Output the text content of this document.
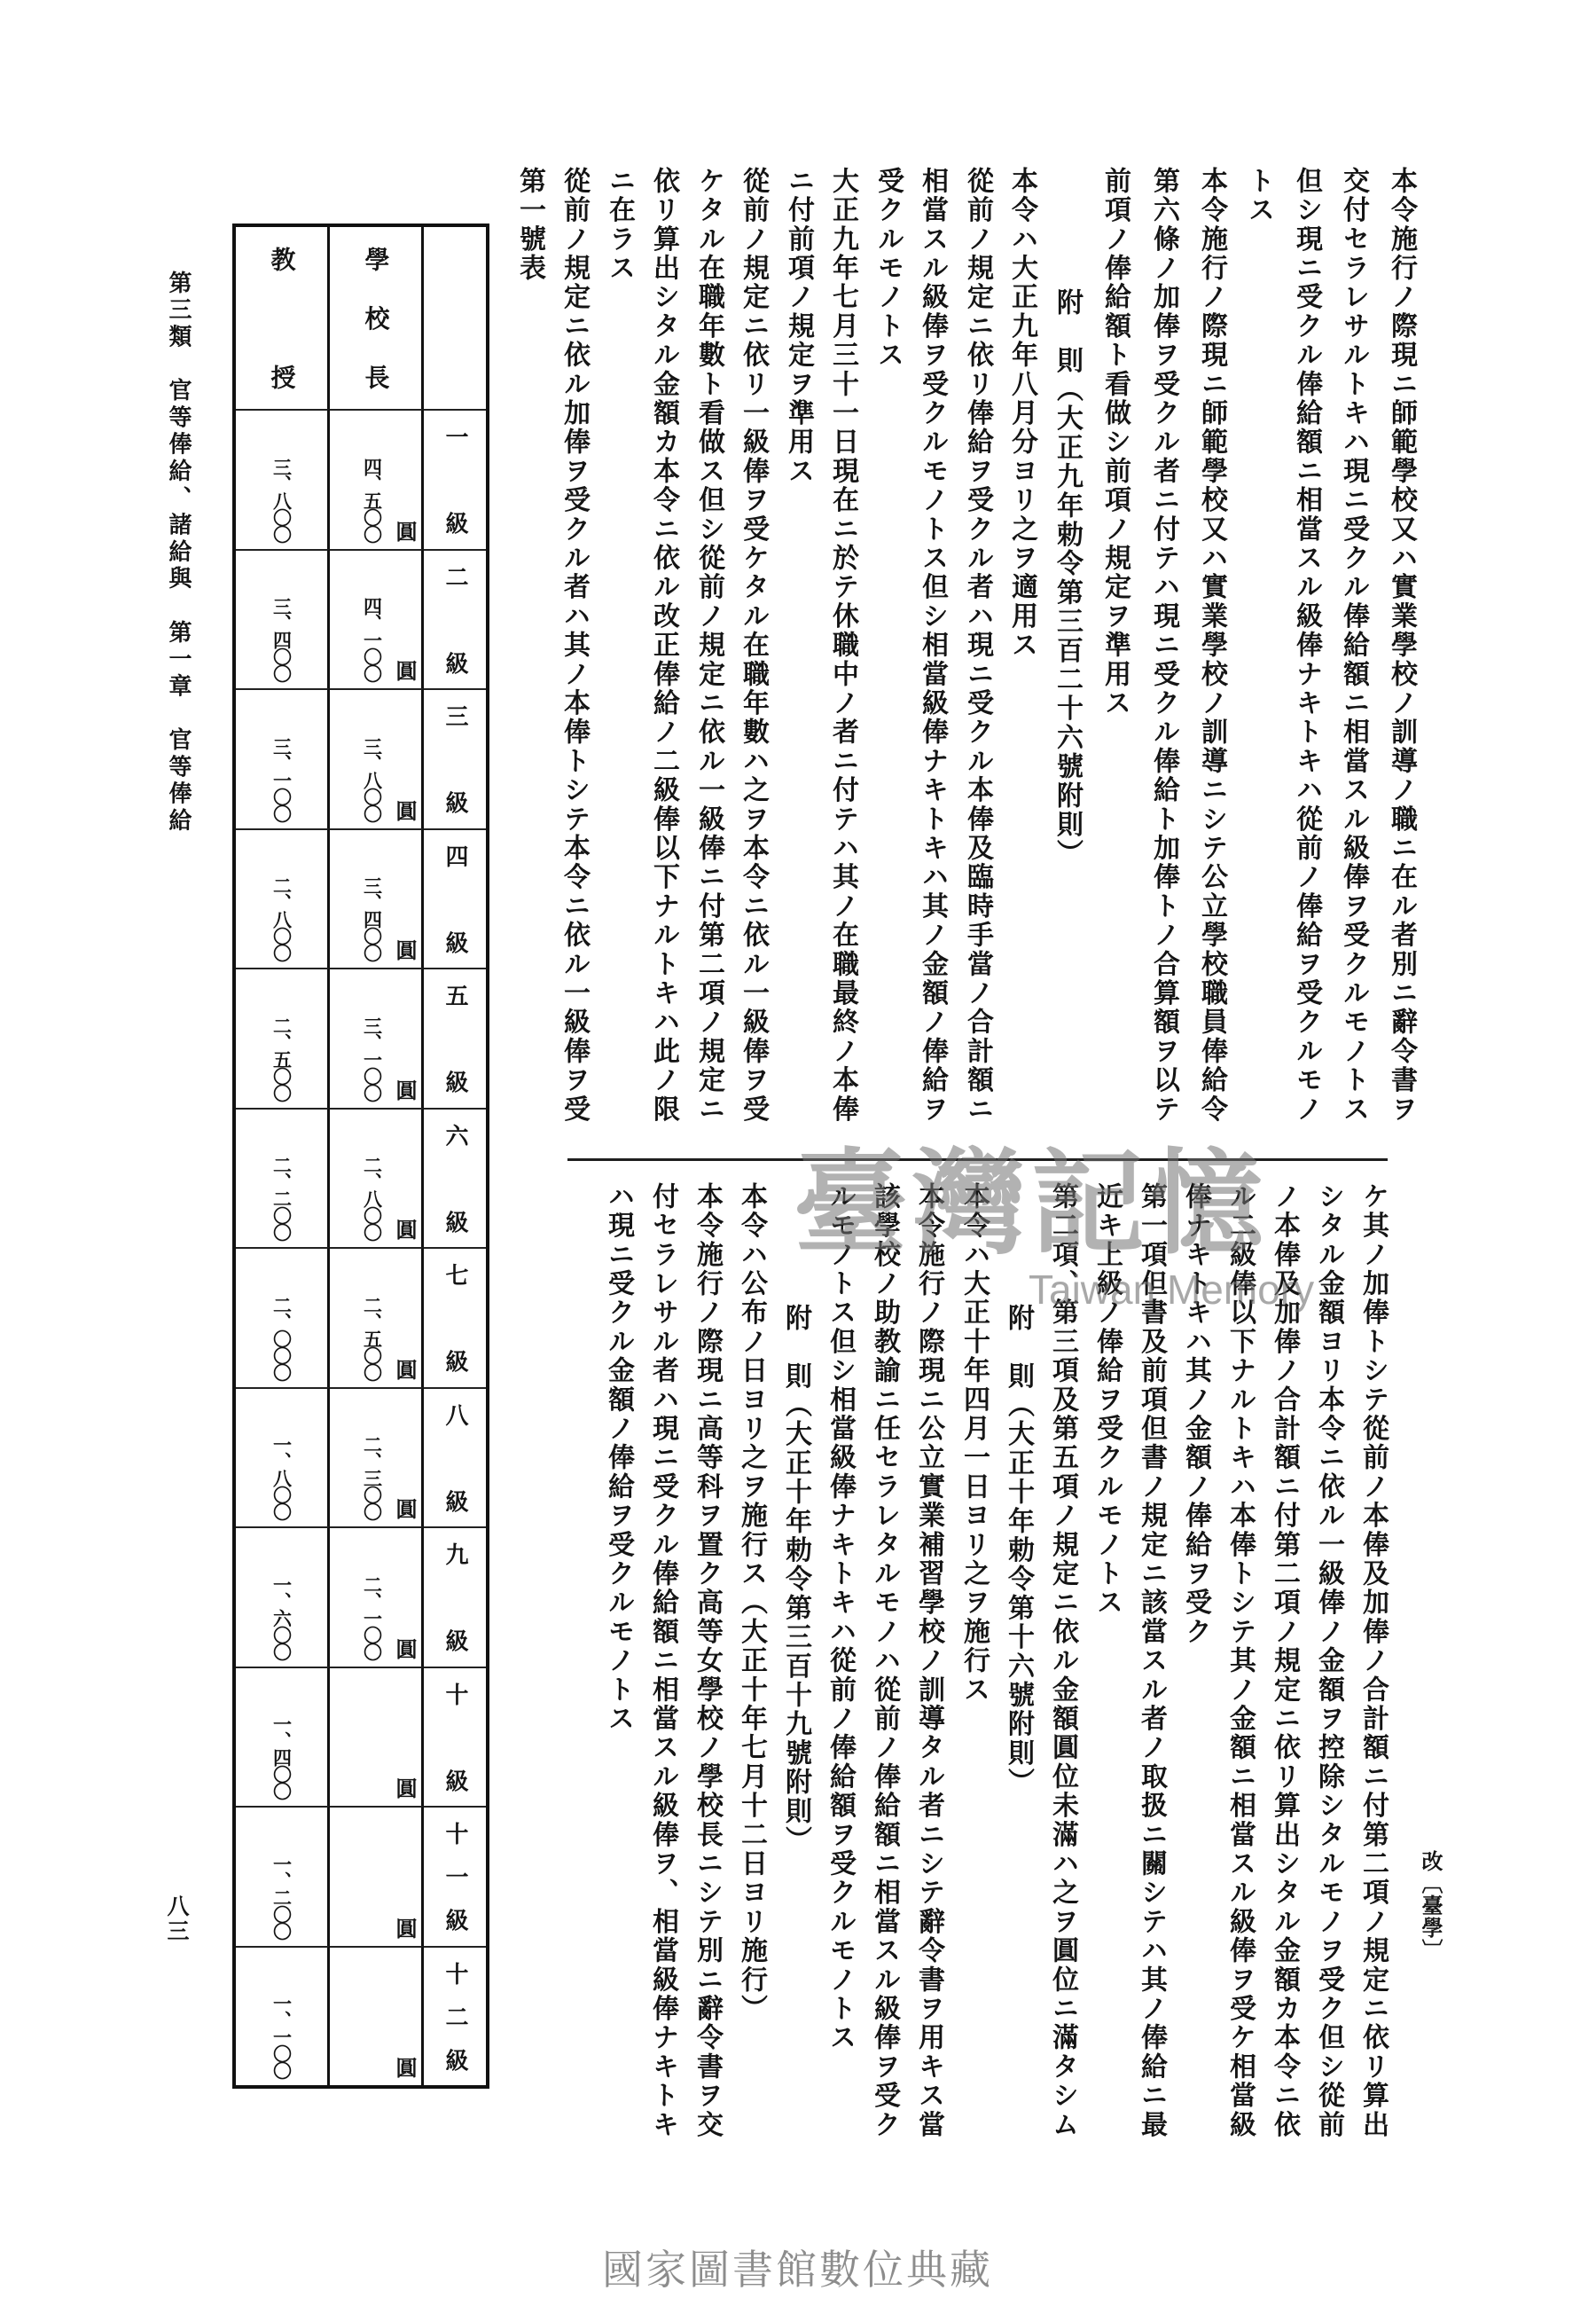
第三類　官等俸給、諸給與　第一章　官等俸給
八三	改〔臺學〕
本令施行ノ際現ニ師範學校又ハ實業學校ノ訓導ノ職ニ在ル者別ニ辭令書ヲ
交付セラレサルトキハ現ニ受クル俸給額ニ相當スル級俸ヲ受クルモノトス
但シ現ニ受クル俸給額ニ相當スル級俸ナキトキハ從前ノ俸給ヲ受クルモノ
トス
本令施行ノ際現ニ師範學校又ハ實業學校ノ訓導ニシテ公立學校職員俸給令
第六條ノ加俸ヲ受クル者ニ付テハ現ニ受クル俸給ト加俸トノ合算額ヲ以テ
前項ノ俸給額ト看做シ前項ノ規定ヲ準用ス
附　則（大正九年勅令第三百二十六號附則）
本令ハ大正九年八月分ヨリ之ヲ適用ス
從前ノ規定ニ依リ俸給ヲ受クル者ハ現ニ受クル本俸及臨時手當ノ合計額ニ
相當スル級俸ヲ受クルモノトス但シ相當級俸ナキトキハ其ノ金額ノ俸給ヲ
受クルモノトス
大正九年七月三十一日現在ニ於テ休職中ノ者ニ付テハ其ノ在職最終ノ本俸
ニ付前項ノ規定ヲ準用ス
從前ノ規定ニ依リ一級俸ヲ受ケタル在職年數ハ之ヲ本令ニ依ル一級俸ヲ受
ケタル在職年數ト看做ス但シ從前ノ規定ニ依ル一級俸ニ付第二項ノ規定ニ
依リ算出シタル金額カ本令ニ依ル改正俸給ノ二級俸以下ナルトキハ此ノ限
ニ在ラス
從前ノ規定ニ依ル加俸ヲ受クル者ハ其ノ本俸トシテ本令ニ依ル一級俸ヲ受
第一號表
ケ其ノ加俸トシテ從前ノ本俸及加俸ノ合計額ニ付第二項ノ規定ニ依リ算出
シタル金額ヨリ本令ニ依ル一級俸ノ金額ヲ控除シタルモノヲ受ク但シ從前
ノ本俸及加俸ノ合計額ニ付第二項ノ規定ニ依リ算出シタル金額カ本令ニ依
ル二級俸以下ナルトキハ本俸トシテ其ノ金額ニ相當スル級俸ヲ受ケ相當級
俸ナキトキハ其ノ金額ノ俸給ヲ受ク
第一項但書及前項但書ノ規定ニ該當スル者ノ取扱ニ關シテハ其ノ俸給ニ最
近キ上級ノ俸給ヲ受クルモノトス
第二項、第三項及第五項ノ規定ニ依ル金額圓位未滿ハ之ヲ圓位ニ滿タシム
附　則（大正十年勅令第十六號附則）
本令ハ大正十年四月一日ヨリ之ヲ施行ス
本令施行ノ際現ニ公立實業補習學校ノ訓導タル者ニシテ辭令書ヲ用キス當
該學校ノ助教諭ニ任セラレタルモノハ從前ノ俸給額ニ相當スル級俸ヲ受ク
ルモノトス但シ相當級俸ナキトキハ從前ノ俸給額ヲ受クルモノトス
附　則（大正十年勅令第三百十九號附則）
本令ハ公布ノ日ヨリ之ヲ施行ス（大正十年七月十二日ヨリ施行）
本令施行ノ際現ニ高等科ヲ置ク高等女學校ノ學校長ニシテ別ニ辭令書ヲ交
付セラレサル者ハ現ニ受クル俸給額ニ相當スル級俸ヲ、相當級俸ナキトキ
ハ現ニ受クル金額ノ俸給ヲ受クルモノトス
教授	學校長
三、八〇〇	四、五〇〇 圓 一級
三、四〇〇	四、一〇〇 圓 二級
三、一〇〇	三、八〇〇 圓 三級
二、八〇〇	三、四〇〇 圓 四級
二、五〇〇	三、一〇〇 圓 五級
二、二〇〇	二、八〇〇 圓 六級
二、〇〇〇	二、五〇〇 圓 七級
一、八〇〇	二、三〇〇 圓 八級
一、六〇〇	二、一〇〇 圓 九級
一、四〇〇	圓 十級
一、二〇〇	圓 十一級
一、一〇〇	圓 十二級
臺灣記憶
Taiwan Memory
國家圖書館數位典藏
